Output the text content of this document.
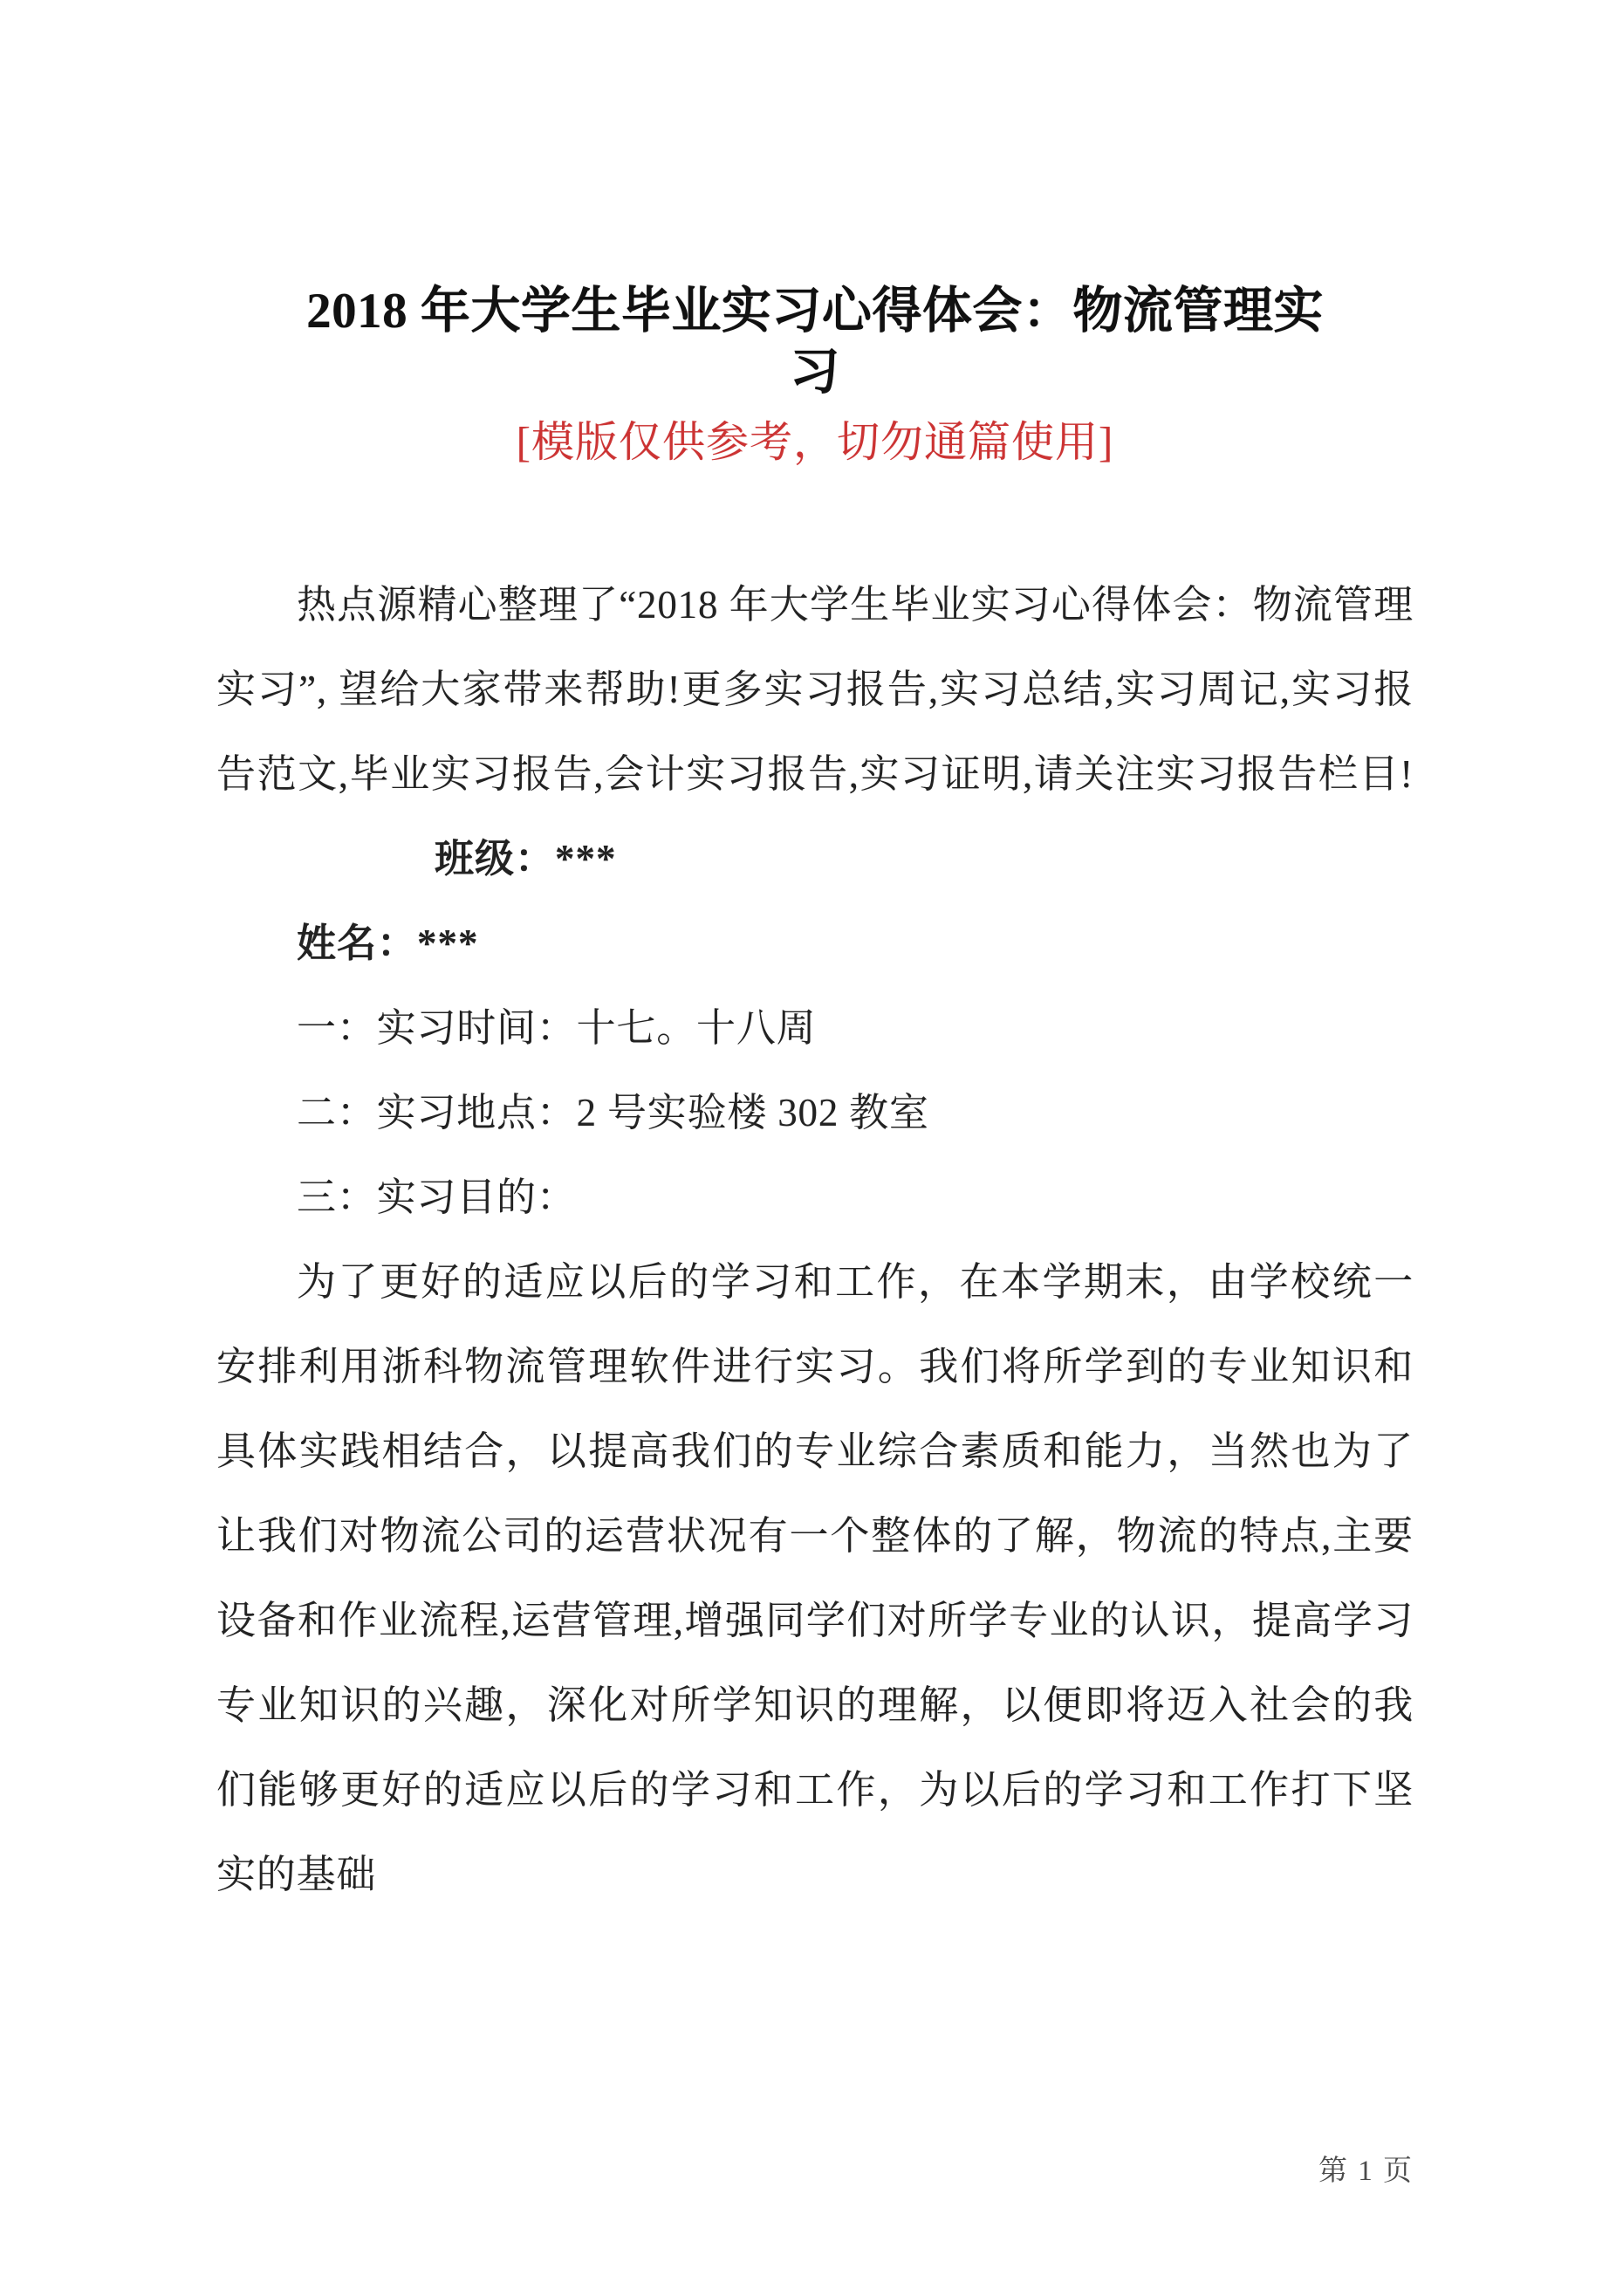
2018 年大学生毕业实习心得体会：物流管理实
习
[模版仅供参考，切勿通篇使用]

热点源精心整理了“2018 年大学生毕业实习心得体会：物流管理实习”, 望给大家带来帮助!更多实习报告,实习总结,实习周记,实习报告范文,毕业实习报告,会计实习报告,实习证明,请关注实习报告栏目!班级：***

姓名：***

一：实习时间：十七。十八周

二：实习地点：2 号实验楼 302 教室

三：实习目的：

为了更好的适应以后的学习和工作，在本学期末，由学校统一安排利用浙科物流管理软件进行实习。我们将所学到的专业知识和具体实践相结合，以提高我们的专业综合素质和能力，当然也为了让我们对物流公司的运营状况有一个整体的了解，物流的特点,主要设备和作业流程,运营管理,增强同学们对所学专业的认识，提高学习专业知识的兴趣，深化对所学知识的理解，以便即将迈入社会的我们能够更好的适应以后的学习和工作，为以后的学习和工作打下坚实的基础

第 1 页
